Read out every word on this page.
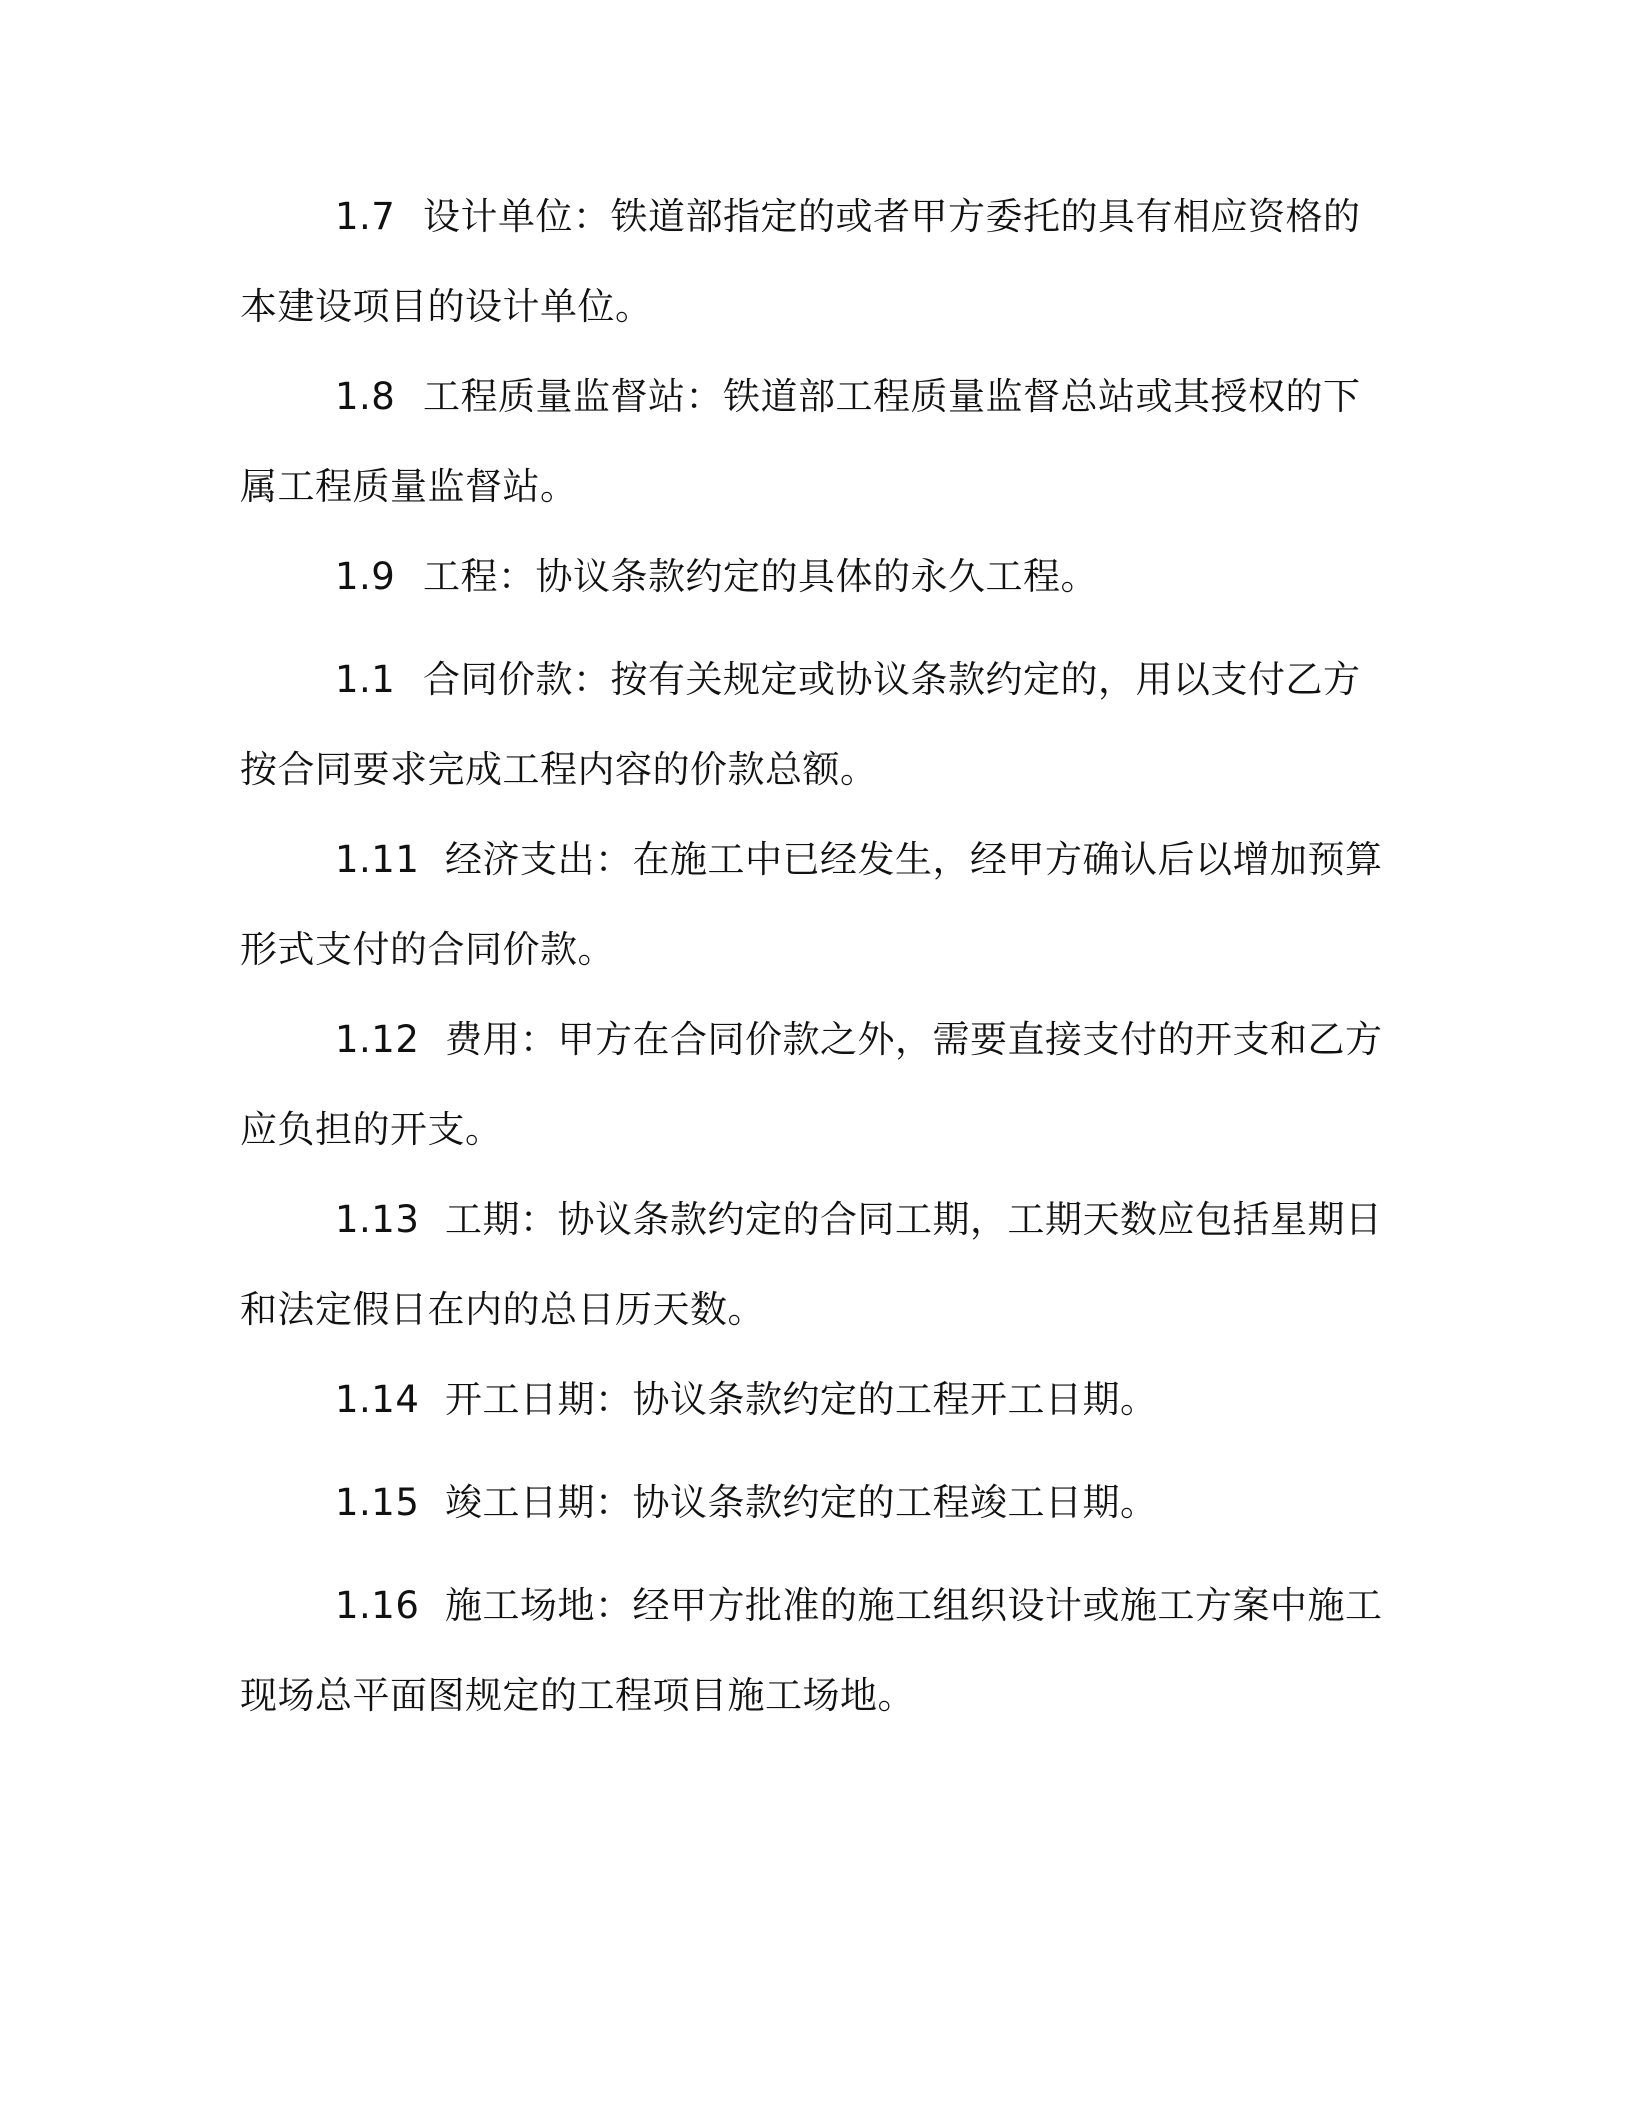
1.7 设计单位：铁道部指定的或者甲方委托的具有相应资格的
本建设项目的设计单位。
1.8 工程质量监督站：铁道部工程质量监督总站或其授权的下
属工程质量监督站。
1.9 工程：协议条款约定的具体的永久工程。
1.1 合同价款：按有关规定或协议条款约定的，用以支付乙方
按合同要求完成工程内容的价款总额。
1.11 经济支出：在施工中已经发生，经甲方确认后以增加预算
形式支付的合同价款。
1.12 费用：甲方在合同价款之外，需要直接支付的开支和乙方
应负担的开支。
1.13 工期：协议条款约定的合同工期，工期天数应包括星期日
和法定假日在内的总日历天数。
1.14 开工日期：协议条款约定的工程开工日期。
1.15 竣工日期：协议条款约定的工程竣工日期。
1.16 施工场地：经甲方批准的施工组织设计或施工方案中施工
现场总平面图规定的工程项目施工场地。
